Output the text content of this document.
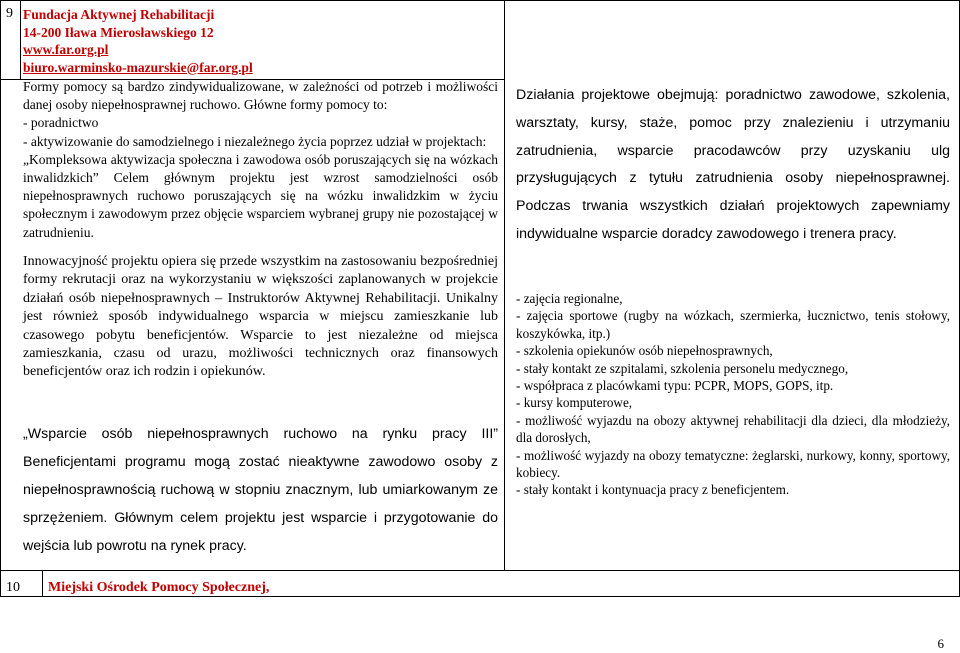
9 Fundacja Aktywnej Rehabilitacji
14-200 Iława Mierosławskiego 12
www.far.org.pl
biuro.warminsko-mazurskie@far.org.pl

Formy pomocy są bardzo zindywidualizowane, w zależności od potrzeb i możliwości danej osoby niepełnosprawnej ruchowo. Główne formy pomocy to:

- poradnictwo

- aktywizowanie do samodzielnego i niezależnego życia poprzez udział w projektach:

„Kompleksowa aktywizacja społeczna i zawodowa osób poruszających się na wózkach inwalidzkich” Celem głównym projektu jest wzrost samodzielności osób niepełnosprawnych ruchowo poruszających się na wózku inwalidzkim w życiu społecznym i zawodowym przez objęcie wsparciem wybranej grupy nie pozostającej w zatrudnieniu.

Innowacyjność projektu opiera się przede wszystkim na zastosowaniu bezpośredniej formy rekrutacji oraz na wykorzystaniu w większości zaplanowanych w projekcie działań osób niepełnosprawnych – Instruktorów Aktywnej Rehabilitacji. Unikalny jest również sposób indywidualnego wsparcia w miejscu zamieszkanie lub czasowego pobytu beneficjentów. Wsparcie to jest niezależne od miejsca zamieszkania, czasu od urazu, możliwości technicznych oraz finansowych beneficjentów oraz ich rodzin i opiekunów.

„Wsparcie osób niepełnosprawnych ruchowo na rynku pracy III” Beneficjentami programu mogą zostać nieaktywne zawodowo osoby z niepełnosprawnością ruchową w stopniu znacznym, lub umiarkowanym ze sprzężeniem. Głównym celem projektu jest wsparcie i przygotowanie do wejścia lub powrotu na rynek pracy.

Działania projektowe obejmują: poradnictwo zawodowe, szkolenia, warsztaty, kursy, staże, pomoc przy znalezieniu i utrzymaniu zatrudnienia, wsparcie pracodawców przy uzyskaniu ulg przysługujących z tytułu zatrudnienia osoby niepełnosprawnej. Podczas trwania wszystkich działań projektowych zapewniamy indywidualne wsparcie doradcy zawodowego i trenera pracy.

- zajęcia regionalne,

- zajęcia sportowe (rugby na wózkach, szermierka, łucznictwo, tenis stołowy, koszykówka, itp.)

- szkolenia opiekunów osób niepełnosprawnych,

- stały kontakt ze szpitalami, szkolenia personelu medycznego,

- współpraca z placówkami typu: PCPR, MOPS, GOPS, itp.

- kursy komputerowe,

- możliwość wyjazdu na obozy aktywnej rehabilitacji dla dzieci, dla młodzieży, dla dorosłych,

- możliwość wyjazdy na obozy tematyczne: żeglarski, nurkowy, konny, sportowy, kobiecy.

- stały kontakt i kontynuacja pracy z beneficjentem.

10 Miejski Ośrodek Pomocy Społecznej,
6
